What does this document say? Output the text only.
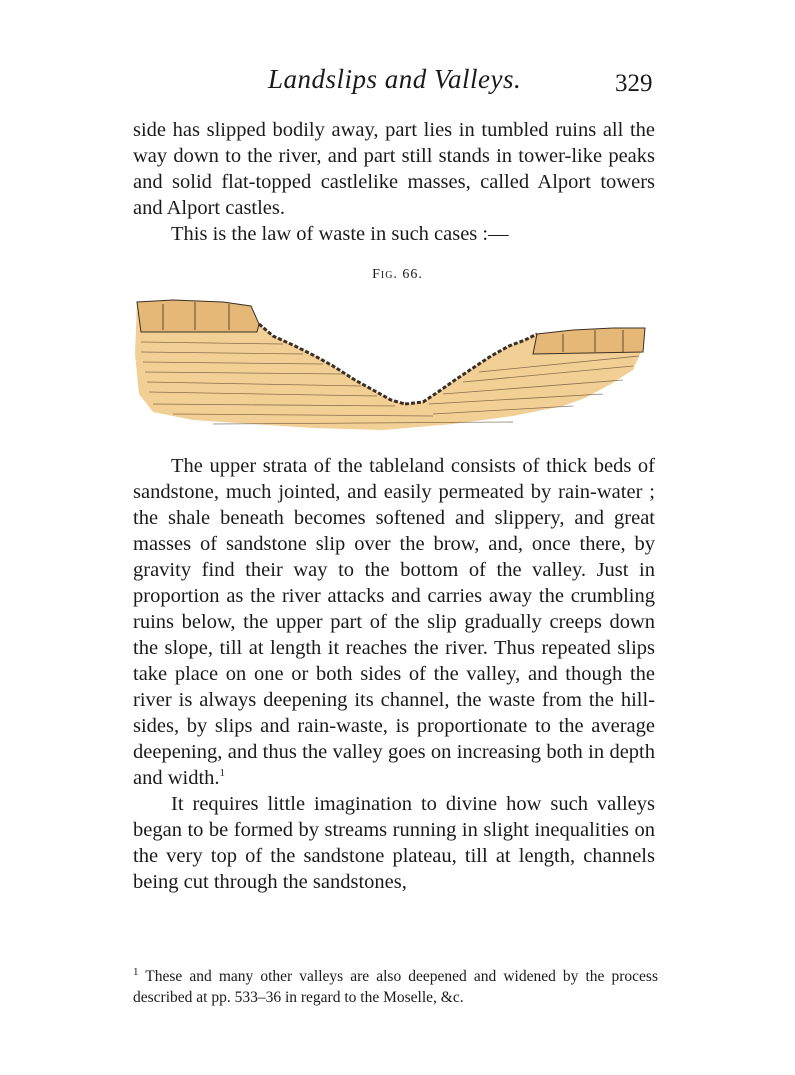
Landslips and Valleys.	329

side has slipped bodily away, part lies in tumbled ruins all the way down to the river, and part still stands in tower-like peaks and solid flat-topped castlelike masses, called Alport towers and Alport castles.

This is the law of waste in such cases :—

Fig. 66.

The upper strata of the tableland consists of thick beds of sandstone, much jointed, and easily permeated by rain-water ; the shale beneath becomes softened and slippery, and great masses of sandstone slip over the brow, and, once there, by gravity find their way to the bottom of the valley. Just in proportion as the river attacks and carries away the crumbling ruins below, the upper part of the slip gradually creeps down the slope, till at length it reaches the river. Thus repeated slips take place on one or both sides of the valley, and though the river is always deepening its channel, the waste from the hill-sides, by slips and rain-waste, is proportionate to the average deepening, and thus the valley goes on increasing both in depth and width.$^1$

It requires little imagination to divine how such valleys began to be formed by streams running in slight inequalities on the very top of the sandstone plateau, till at length, channels being cut through the sandstones,

$^1$ These and many other valleys are also deepened and widened by the process described at pp. 533–36 in regard to the Moselle, &c.
